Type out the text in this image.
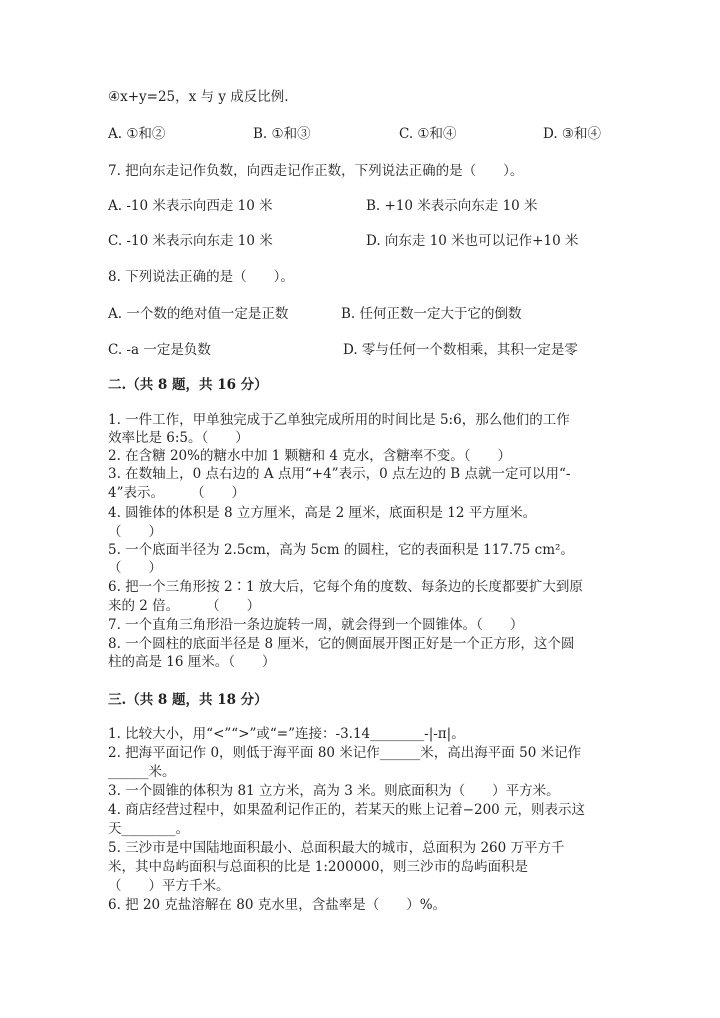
④x+y=25，x 与 y 成反比例.
A. ①和②	B. ①和③	C. ①和④	D. ③和④
7. 把向东走记作负数，向西走记作正数，下列说法正确的是（　　）。
A. -10 米表示向西走 10 米	B. +10 米表示向东走 10 米
C. -10 米表示向东走 10 米	D. 向东走 10 米也可以记作+10 米
8. 下列说法正确的是（　　）。
A. 一个数的绝对值一定是正数	B. 任何正数一定大于它的倒数
C. -a 一定是负数	D. 零与任何一个数相乘，其积一定是零
二.（共 8 题，共 16 分）
1. 一件工作，甲单独完成于乙单独完成所用的时间比是 5:6，那么他们的工作
效率比是 6:5。（　　）
2. 在含糖 20%的糖水中加 1 颗糖和 4 克水，含糖率不变。（　　）
3. 在数轴上，0 点右边的 A 点用“+4”表示，0 点左边的 B 点就一定可以用“-
4”表示。　　　（　　）
4. 圆锥体的体积是 8 立方厘米，高是 2 厘米，底面积是 12 平方厘米。
（　　）
5. 一个底面半径为 2.5cm，高为 5cm 的圆柱，它的表面积是 117.75 cm²。
（　　）
6. 把一个三角形按 2∶1 放大后，它每个角的度数、每条边的长度都要扩大到原
来的 2 倍。　　　（　　）
7. 一个直角三角形沿一条边旋转一周，就会得到一个圆锥体。（　　）
8. 一个圆柱的底面半径是 8 厘米，它的侧面展开图正好是一个正方形，这个圆
柱的高是 16 厘米。（　　）
三.（共 8 题，共 18 分）
1. 比较大小，用“<”“>”或“=”连接：-3.14________-|-π|。
2. 把海平面记作 0，则低于海平面 80 米记作______米，高出海平面 50 米记作
______米。
3. 一个圆锥的体积为 81 立方米，高为 3 米。则底面积为（　　）平方米。
4. 商店经营过程中，如果盈利记作正的，若某天的账上记着−200 元，则表示这
天________。
5. 三沙市是中国陆地面积最小、总面积最大的城市，总面积为 260 万平方千
米，其中岛屿面积与总面积的比是 1:200000，则三沙市的岛屿面积是
（　　）平方千米。
6. 把 20 克盐溶解在 80 克水里，含盐率是（　　）%。
